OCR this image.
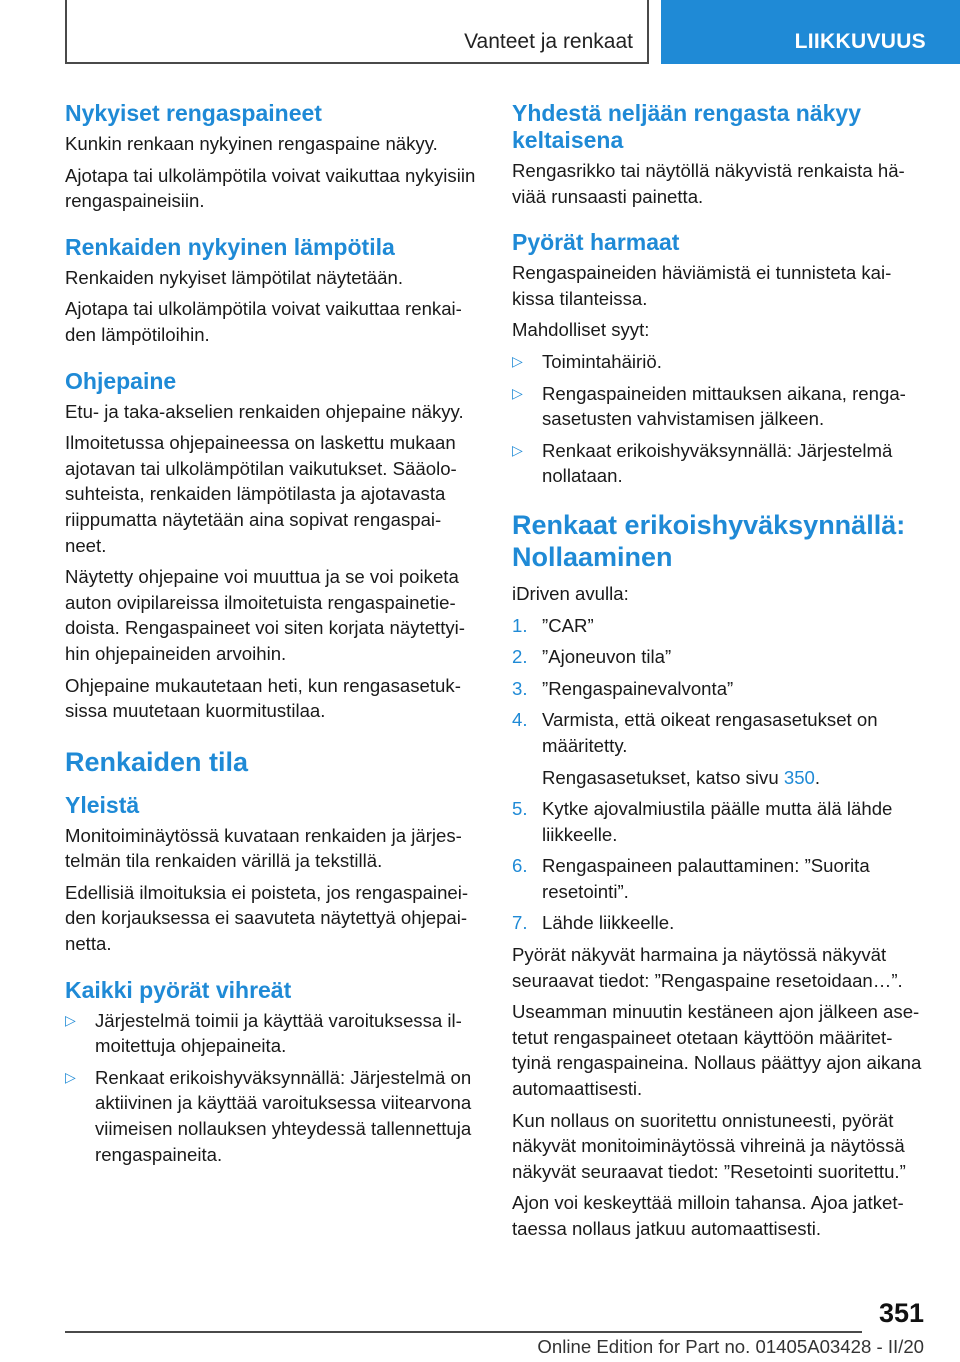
Vanteet ja renkaat	LIIKKUVUUS
Nykyiset rengaspaineet
Kunkin renkaan nykyinen rengaspaine näkyy.
Ajotapa tai ulkolämpötila voivat vaikuttaa nykyisiin
rengaspaineisiin.
Renkaiden nykyinen lämpötila
Renkaiden nykyiset lämpötilat näytetään.
Ajotapa tai ulkolämpötila voivat vaikuttaa renkai-
den lämpötiloihin.
Ohjepaine
Etu- ja taka-akselien renkaiden ohjepaine näkyy.
Ilmoitetussa ohjepaineessa on laskettu mukaan
ajotavan tai ulkolämpötilan vaikutukset. Sääolo-
suhteista, renkaiden lämpötilasta ja ajotavasta
riippumatta näytetään aina sopivat rengaspai-
neet.
Näytetty ohjepaine voi muuttua ja se voi poiketa
auton ovipilareissa ilmoitetuista rengaspainetie-
doista. Rengaspaineet voi siten korjata näytettyi-
hin ohjepaineiden arvoihin.
Ohjepaine mukautetaan heti, kun rengasasetuk-
sissa muutetaan kuormitustilaa.
Renkaiden tila
Yleistä
Monitoiminäytössä kuvataan renkaiden ja järjes-
telmän tila renkaiden värillä ja tekstillä.
Edellisiä ilmoituksia ei poisteta, jos rengaspainei-
den korjauksessa ei saavuteta näytettyä ohjepai-
netta.
Kaikki pyörät vihreät
▷ Järjestelmä toimii ja käyttää varoituksessa il-
moitettuja ohjepaineita.
▷ Renkaat erikoishyväksynnällä: Järjestelmä on
aktiivinen ja käyttää varoituksessa viitearvona
viimeisen nollauksen yhteydessä tallennettuja
rengaspaineita.
Yhdestä neljään rengasta näkyy
keltaisena
Rengasrikko tai näytöllä näkyvistä renkaista hä-
viää runsaasti painetta.
Pyörät harmaat
Rengaspaineiden häviämistä ei tunnisteta kai-
kissa tilanteissa.
Mahdolliset syyt:
▷ Toimintahäiriö.
▷ Rengaspaineiden mittauksen aikana, renga-
sasetusten vahvistamisen jälkeen.
▷ Renkaat erikoishyväksynnällä: Järjestelmä
nollataan.
Renkaat erikoishyväksynnällä:
Nollaaminen
iDriven avulla:
1. ”CAR”
2. ”Ajoneuvon tila”
3. ”Rengaspainevalvonta”
4. Varmista, että oikeat rengasasetukset on
määritetty.
Rengasasetukset, katso sivu 350.
5. Kytke ajovalmiustila päälle mutta älä lähde
liikkeelle.
6. Rengaspaineen palauttaminen: ”Suorita
resetointi”.
7. Lähde liikkeelle.
Pyörät näkyvät harmaina ja näytössä näkyvät
seuraavat tiedot: ”Rengaspaine resetoidaan…”.
Useamman minuutin kestäneen ajon jälkeen ase-
tetut rengaspaineet otetaan käyttöön määritet-
tyinä rengaspaineina. Nollaus päättyy ajon aikana
automaattisesti.
Kun nollaus on suoritettu onnistuneesti, pyörät
näkyvät monitoiminäytössä vihreinä ja näytössä
näkyvät seuraavat tiedot: ”Resetointi suoritettu.”
Ajon voi keskeyttää milloin tahansa. Ajoa jatket-
taessa nollaus jatkuu automaattisesti.
351
Online Edition for Part no. 01405A03428 - II/20
